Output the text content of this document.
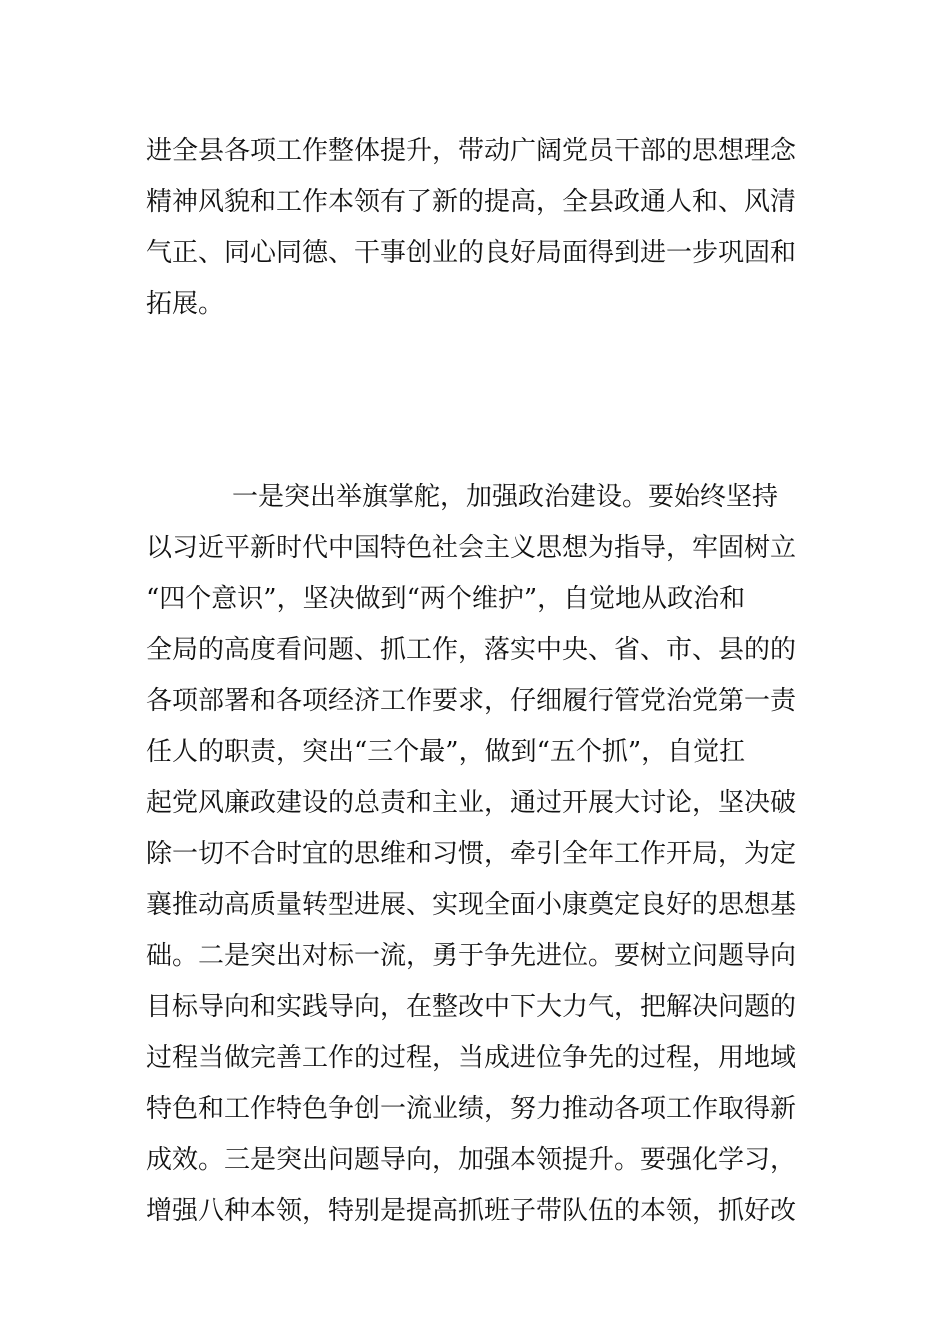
进全县各项工作整体提升，带动广阔党员干部的思想理念
精神风貌和工作本领有了新的提高，全县政通人和、风清
气正、同心同德、干事创业的良好局面得到进一步巩固和
拓展。
一是突出举旗掌舵，加强政治建设。要始终坚持
以习近平新时代中国特色社会主义思想为指导，牢固树立
“四个意识”，坚决做到“两个维护”，自觉地从政治和
全局的高度看问题、抓工作，落实中央、省、市、县的的
各项部署和各项经济工作要求，仔细履行管党治党第一责
任人的职责，突出“三个最”，做到“五个抓”，自觉扛
起党风廉政建设的总责和主业，通过开展大讨论，坚决破
除一切不合时宜的思维和习惯，牵引全年工作开局，为定
襄推动高质量转型进展、实现全面小康奠定良好的思想基
础。二是突出对标一流，勇于争先进位。要树立问题导向
目标导向和实践导向，在整改中下大力气，把解决问题的
过程当做完善工作的过程，当成进位争先的过程，用地域
特色和工作特色争创一流业绩，努力推动各项工作取得新
成效。三是突出问题导向，加强本领提升。要强化学习，
增强八种本领，特别是提高抓班子带队伍的本领，抓好改
